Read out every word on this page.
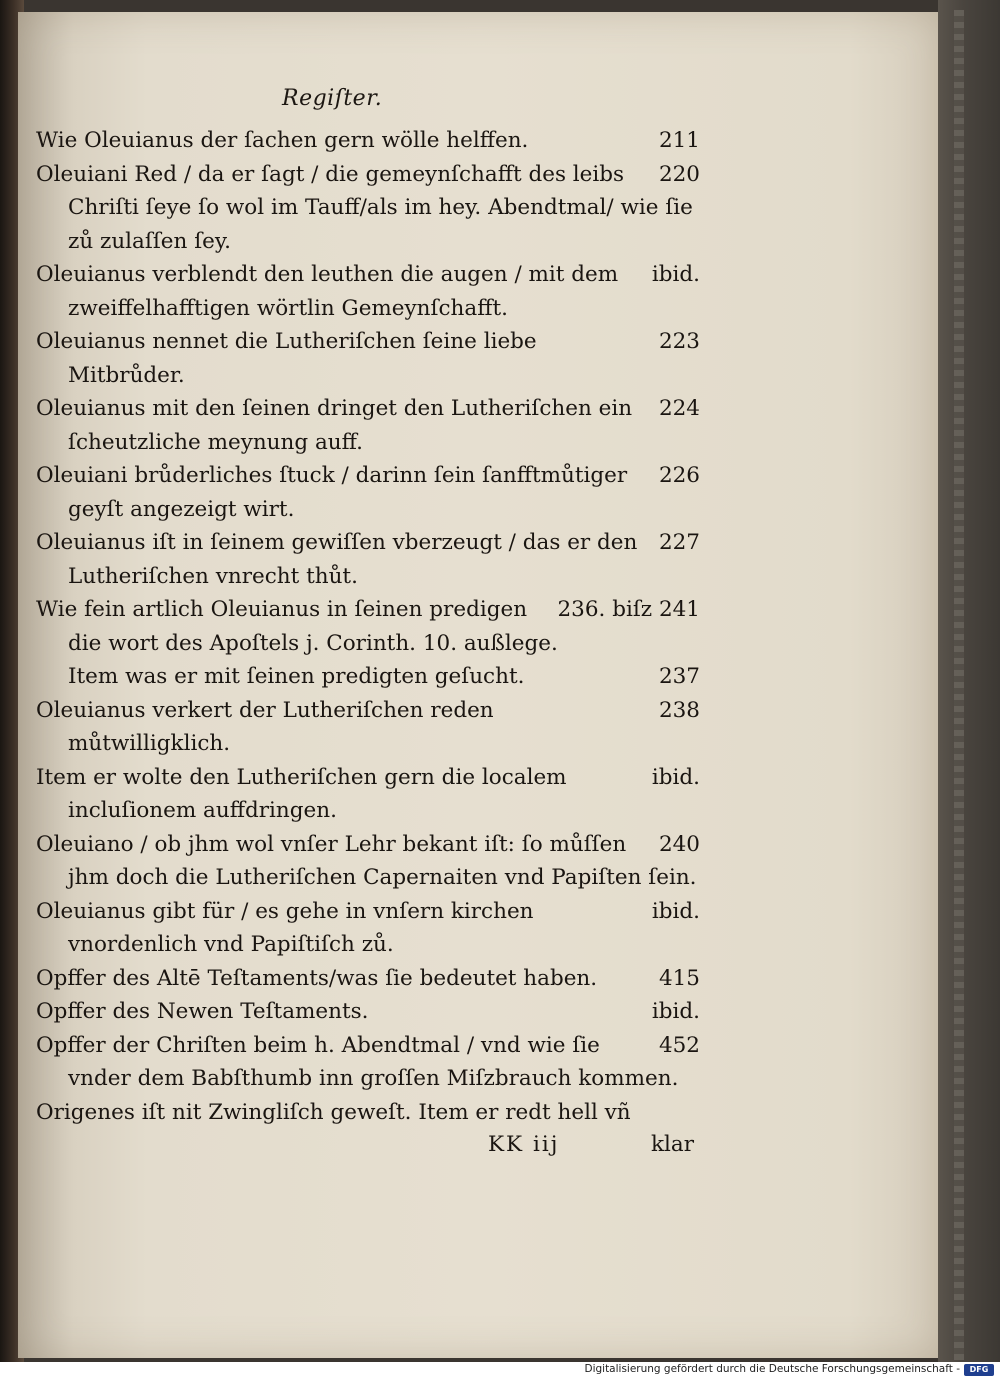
Regiſter.
211
Wie Oleuianus der ſachen gern wölle helffen.
220
Oleuiani Red / da er ſagt / die gemeynſchafft des leibs Chriſti ſeye ſo wol im Tauff/als im hey. Abendtmal/ wie ſie zů zulaſſen ſey.
ibid.
Oleuianus verblendt den leuthen die augen / mit dem zweiffelhafftigen wörtlin Gemeynſchafft.
223
Oleuianus nennet die Lutheriſchen ſeine liebe Mitbrůder.
224
Oleuianus mit den ſeinen dringet den Lutheriſchen ein ſcheutzliche meynung auff.
226
Oleuiani brůderliches ſtuck / darinn ſein ſanfftmůtiger geyſt angezeigt wirt.
227
Oleuianus iſt in ſeinem gewiſſen vberzeugt / das er den Lutheriſchen vnrecht thůt.
236. biſz 241
Wie fein artlich Oleuianus in ſeinen predigen die wort des Apoſtels j. Corinth. 10. außlege.
237
Item was er mit ſeinen predigten geſucht.
238
Oleuianus verkert der Lutheriſchen reden můtwilligklich.
ibid.
Item er wolte den Lutheriſchen gern die localem incluſionem auffdringen.
240
Oleuiano / ob jhm wol vnſer Lehr bekant iſt: ſo můſſen jhm doch die Lutheriſchen Capernaiten vnd Papiſten ſein.
ibid.
Oleuianus gibt für / es gehe in vnſern kirchen vnordenlich vnd Papiſtiſch zů.
415
Opffer des Altē Teſtaments/was ſie bedeutet haben.
ibid.
Opffer des Newen Teſtaments.
452
Opffer der Chriſten beim h. Abendtmal / vnd wie ſie vnder dem Babſthumb inn groſſen Miſzbrauch kommen.
Origenes iſt nit Zwingliſch geweſt. Item er redt hell vñ
KK iij	klar
Digitalisierung gefördert durch die Deutsche Forschungsgemeinschaft -	DFG
